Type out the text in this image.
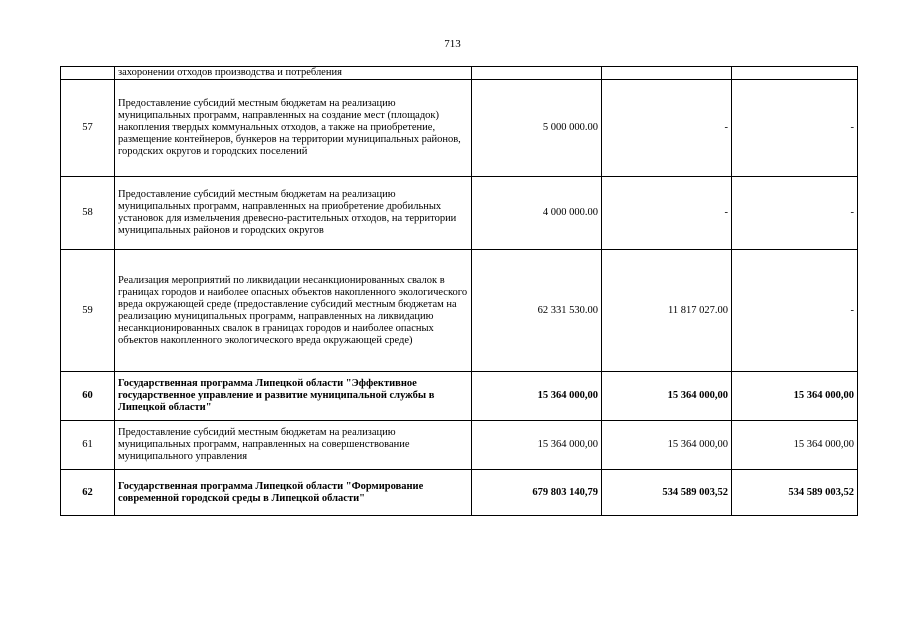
713
	захоронении отходов производства и потребления			
57	Предоставление субсидий местным бюджетам на реализацию муниципальных программ, направленных на создание мест (площадок) накопления твердых коммунальных отходов, а также на приобретение, размещение контейнеров, бункеров на территории муниципальных районов, городских округов и городских поселений	5 000 000.00	-	-
58	Предоставление субсидий местным бюджетам на реализацию муниципальных программ, направленных на приобретение дробильных установок для измельчения древесно-растительных отходов, на территории муниципальных районов и городских округов	4 000 000.00	-	-
59	Реализация мероприятий по ликвидации несанкционированных свалок в границах городов и наиболее опасных объектов накопленного экологического вреда окружающей среде (предоставление субсидий местным бюджетам на реализацию муниципальных программ, направленных на ликвидацию несанкционированных свалок в границах городов и наиболее опасных объектов накопленного экологического вреда окружающей среде)	62 331 530.00	11 817 027.00	-
60	Государственная программа Липецкой области "Эффективное государственное управление и развитие муниципальной службы в Липецкой области"	15 364 000,00	15 364 000,00	15 364 000,00
61	Предоставление субсидий местным бюджетам на реализацию муниципальных программ, направленных на совершенствование муниципального управления	15 364 000,00	15 364 000,00	15 364 000,00
62	Государственная программа Липецкой области "Формирование современной городской среды в Липецкой области"	679 803 140,79	534 589 003,52	534 589 003,52
